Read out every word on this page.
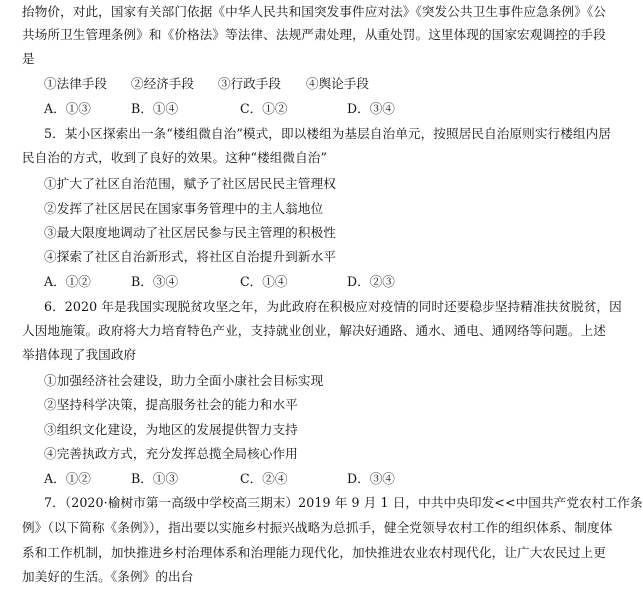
抬物价，对此，国家有关部门依据《中华人民共和国突发事件应对法》《突发公共卫生事件应急条例》《公
共场所卫生管理条例》和《价格法》等法律、法规严肃处理，从重处罚。这里体现的国家宏观调控的手段
是
①法律手段 ②经济手段 ③行政手段 ④舆论手段
A．①③	B．①④	C．①②	D．③④
5．某小区探索出一条“楼组微自治”模式，即以楼组为基层自治单元，按照居民自治原则实行楼组内居
民自治的方式，收到了良好的效果。这种“楼组微自治”
①扩大了社区自治范围，赋予了社区居民民主管理权
②发挥了社区居民在国家事务管理中的主人翁地位
③最大限度地调动了社区居民参与民主管理的积极性
④探索了社区自治新形式，将社区自治提升到新水平
A．①②	B．③④	C．①④	D．②③
6．2020 年是我国实现脱贫攻坚之年，为此政府在积极应对疫情的同时还要稳步坚持精准扶贫脱贫，因
人因地施策。政府将大力培育特色产业，支持就业创业，解决好通路、通水、通电、通网络等问题。上述
举措体现了我国政府
①加强经济社会建设，助力全面小康社会目标实现
②坚持科学决策，提高服务社会的能力和水平
③组织文化建设，为地区的发展提供智力支持
④完善执政方式，充分发挥总揽全局核心作用
A．①②	B．①③	C．②④	D．③④
7．（2020·榆树市第一高级中学校高三期末）2019 年 9 月 1 日，中共中央印发<<中国共产党农村工作条
例》（以下简称《条例》），指出要以实施乡村振兴战略为总抓手，健全党领导农村工作的组织体系、制度体
系和工作机制，加快推进乡村治理体系和治理能力现代化，加快推进农业农村现代化，让广大农民过上更
加美好的生活。《条例》的出台
